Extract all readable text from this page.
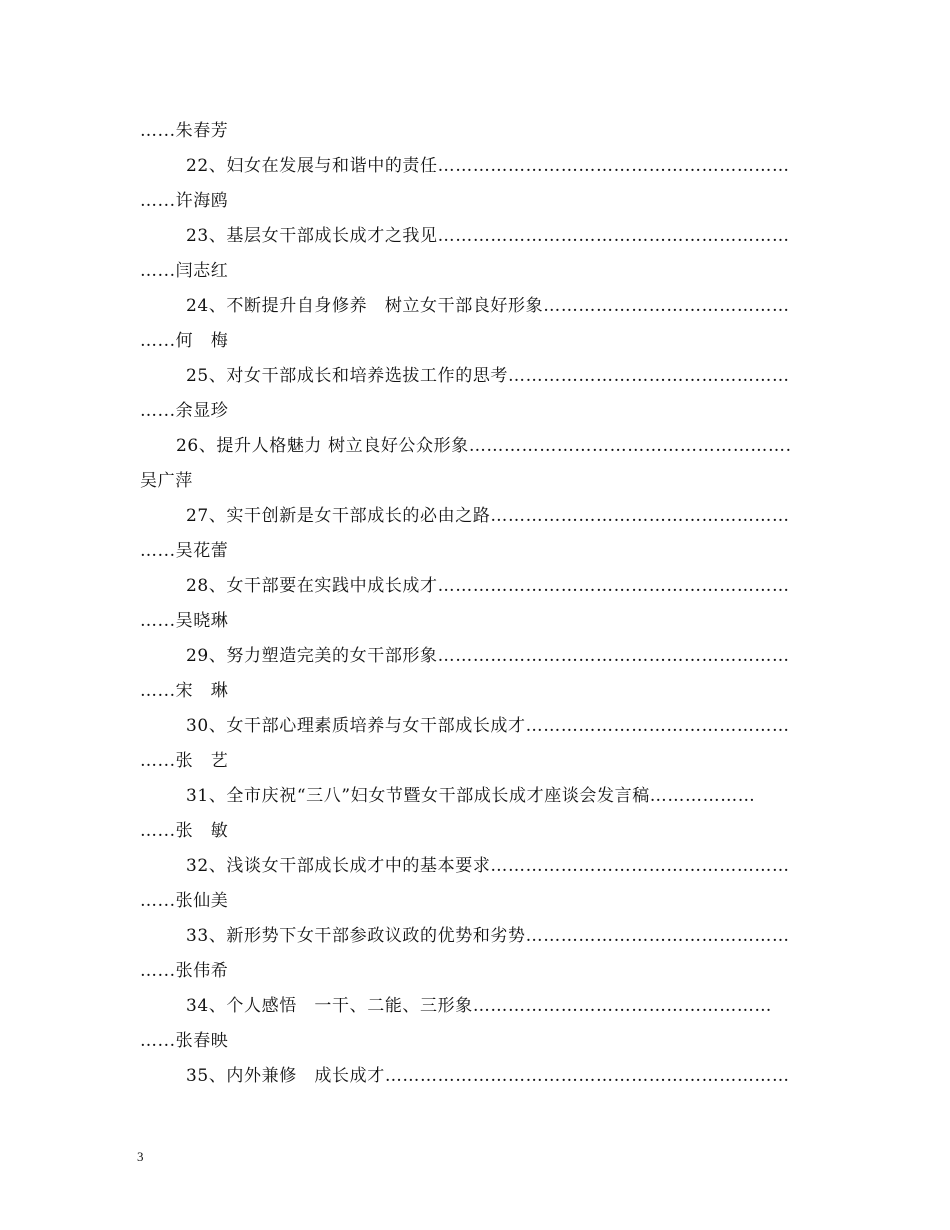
…...朱春芳
22、妇女在发展与和谐中的责任……………………………………………………
…...许海鸥
23、基层女干部成长成才之我见……………………………………………………
…...闫志红
24、不断提升自身修养　树立女干部良好形象……………………………………
…...何　梅
25、对女干部成长和培养选拔工作的思考…………………………………………
…...余显珍
26、提升人格魅力 树立良好公众形象……………………………………………….
吴广萍
27、实干创新是女干部成长的必由之路……………………………………………
…...吴花蕾
28、女干部要在实践中成长成才……………………………………………………
…...吴晓琳
29、努力塑造完美的女干部形象……………………………………………………
…...宋　琳
30、女干部心理素质培养与女干部成长成才………………………………………
…...张　艺
31、全市庆祝“三八”妇女节暨女干部成长成才座谈会发言稿………………
…...张　敏
32、浅谈女干部成长成才中的基本要求……………………………………………
…...张仙美
33、新形势下女干部参政议政的优势和劣势………………………………………
…...张伟希
34、个人感悟　一干、二能、三形象……………………………………………
…...张春映
35、内外兼修　成长成才……………………………………………………………
3
